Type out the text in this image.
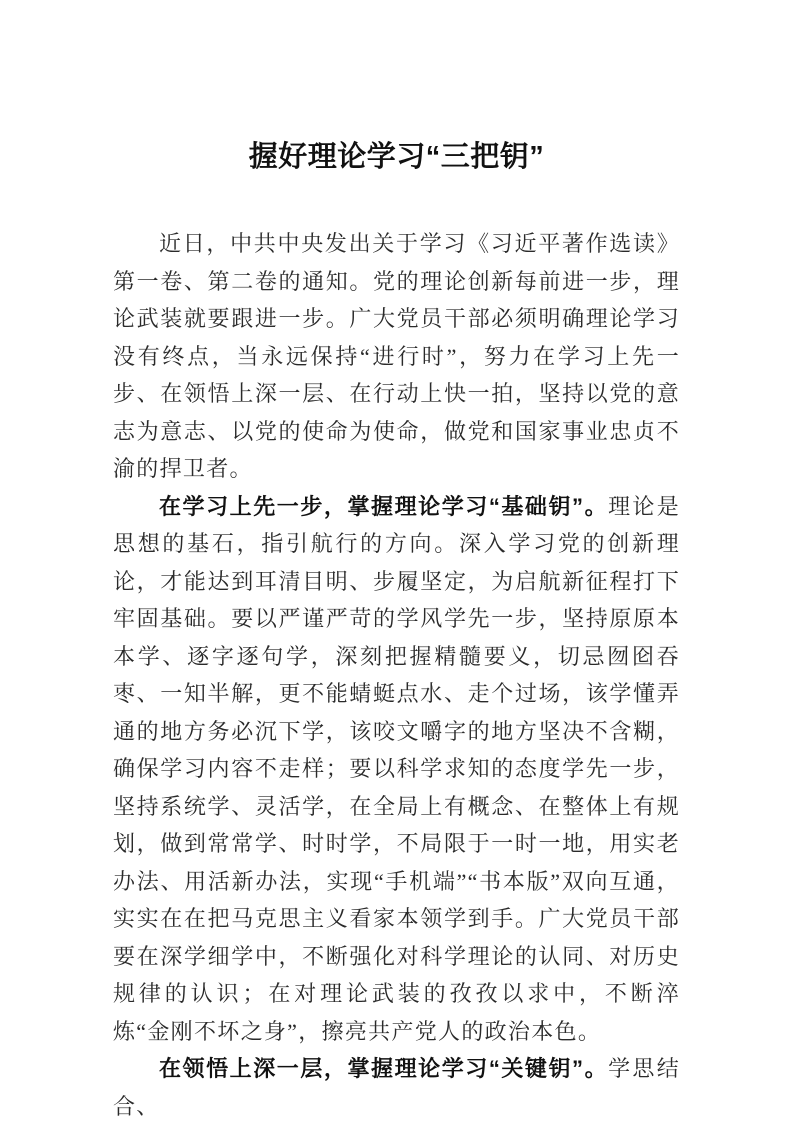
握好理论学习“三把钥”

近日，中共中央发出关于学习《习近平著作选读》第一卷、第二卷的通知。党的理论创新每前进一步，理论武装就要跟进一步。广大党员干部必须明确理论学习没有终点，当永远保持“进行时”，努力在学习上先一步、在领悟上深一层、在行动上快一拍，坚持以党的意志为意志、以党的使命为使命，做党和国家事业忠贞不渝的捍卫者。

在学习上先一步，掌握理论学习“基础钥”。理论是思想的基石，指引航行的方向。深入学习党的创新理论，才能达到耳清目明、步履坚定，为启航新征程打下牢固基础。要以严谨严苛的学风学先一步，坚持原原本本学、逐字逐句学，深刻把握精髓要义，切忌囫囵吞枣、一知半解，更不能蜻蜓点水、走个过场，该学懂弄通的地方务必沉下学，该咬文嚼字的地方坚决不含糊，确保学习内容不走样；要以科学求知的态度学先一步，坚持系统学、灵活学，在全局上有概念、在整体上有规划，做到常常学、时时学，不局限于一时一地，用实老办法、用活新办法，实现“手机端”“书本版”双向互通，实实在在把马克思主义看家本领学到手。广大党员干部要在深学细学中，不断强化对科学理论的认同、对历史规律的认识；在对理论武装的孜孜以求中，不断淬炼“金刚不坏之身”，擦亮共产党人的政治本色。

在领悟上深一层，掌握理论学习“关键钥”。学思结合、
